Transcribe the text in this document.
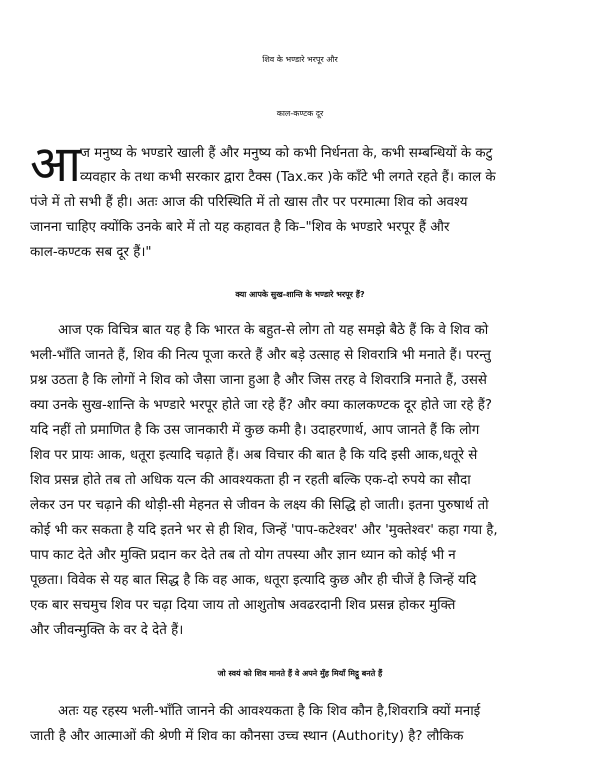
शिव के भण्डारे भरपूर और
काल-कण्टक दूर
आ
ज मनुष्य के भण्डारे खाली हैं और मनुष्य को कभी निर्धनता के, कभी सम्बन्धियों के कटु
व्यवहार के तथा कभी सरकार द्वारा टैक्स (Tax.कर )के काँटे भी लगते रहते हैं। काल के
पंजे में तो सभी हैं ही। अतः आज की परिस्थिति में तो खास तौर पर परमात्मा शिव को अवश्य
जानना चाहिए क्योंकि उनके बारे में तो यह कहावत है कि–"शिव के भण्डारे भरपूर हैं और
काल-कण्टक सब दूर हैं।"
क्या आपके सुख-शान्ति के भण्डारे भरपूर हैं?
आज एक विचित्र बात यह है कि भारत के बहुत-से लोग तो यह समझे बैठे हैं कि वे शिव को
भली-भाँति जानते हैं, शिव की नित्य पूजा करते हैं और बड़े उत्साह से शिवरात्रि भी मनाते हैं। परन्तु
प्रश्न उठता है कि लोगों ने शिव को जैसा जाना हुआ है और जिस तरह वे शिवरात्रि मनाते हैं, उससे
क्या उनके सुख-शान्ति के भण्डारे भरपूर होते जा रहे हैं? और क्या कालकण्टक दूर होते जा रहे हैं?
यदि नहीं तो प्रमाणित है कि उस जानकारी में कुछ कमी है। उदाहरणार्थ, आप जानते हैं कि लोग
शिव पर प्रायः आक, धतूरा इत्यादि चढ़ाते हैं। अब विचार की बात है कि यदि इसी आक,धतूरे से
शिव प्रसन्न होते तब तो अधिक यत्न की आवश्यकता ही न रहती बल्कि एक-दो रुपये का सौदा
लेकर उन पर चढ़ाने की थोड़ी-सी मेहनत से जीवन के लक्ष्य की सिद्धि हो जाती। इतना पुरुषार्थ तो
कोई भी कर सकता है यदि इतने भर से ही शिव, जिन्हें 'पाप-कटेश्वर' और 'मुक्तेश्वर' कहा गया है,
पाप काट देते और मुक्ति प्रदान कर देते तब तो योग तपस्या और ज्ञान ध्यान को कोई भी न
पूछता। विवेक से यह बात सिद्ध है कि वह आक, धतूरा इत्यादि कुछ और ही चीजें है जिन्हें यदि
एक बार सचमुच शिव पर चढ़ा दिया जाय तो आशुतोष अवढरदानी शिव प्रसन्न होकर मुक्ति
और जीवन्मुक्ति के वर दे देते हैं।
जो स्वयं को शिव मानते हैं वे अपने मुँह मियाँ मिट्ठू बनते हैं
अतः यह रहस्य भली-भाँति जानने की आवश्यकता है कि शिव कौन है,शिवरात्रि क्यों मनाई
जाती है और आत्माओं की श्रेणी में शिव का कौनसा उच्च स्थान (Authority) है? लौकिक
